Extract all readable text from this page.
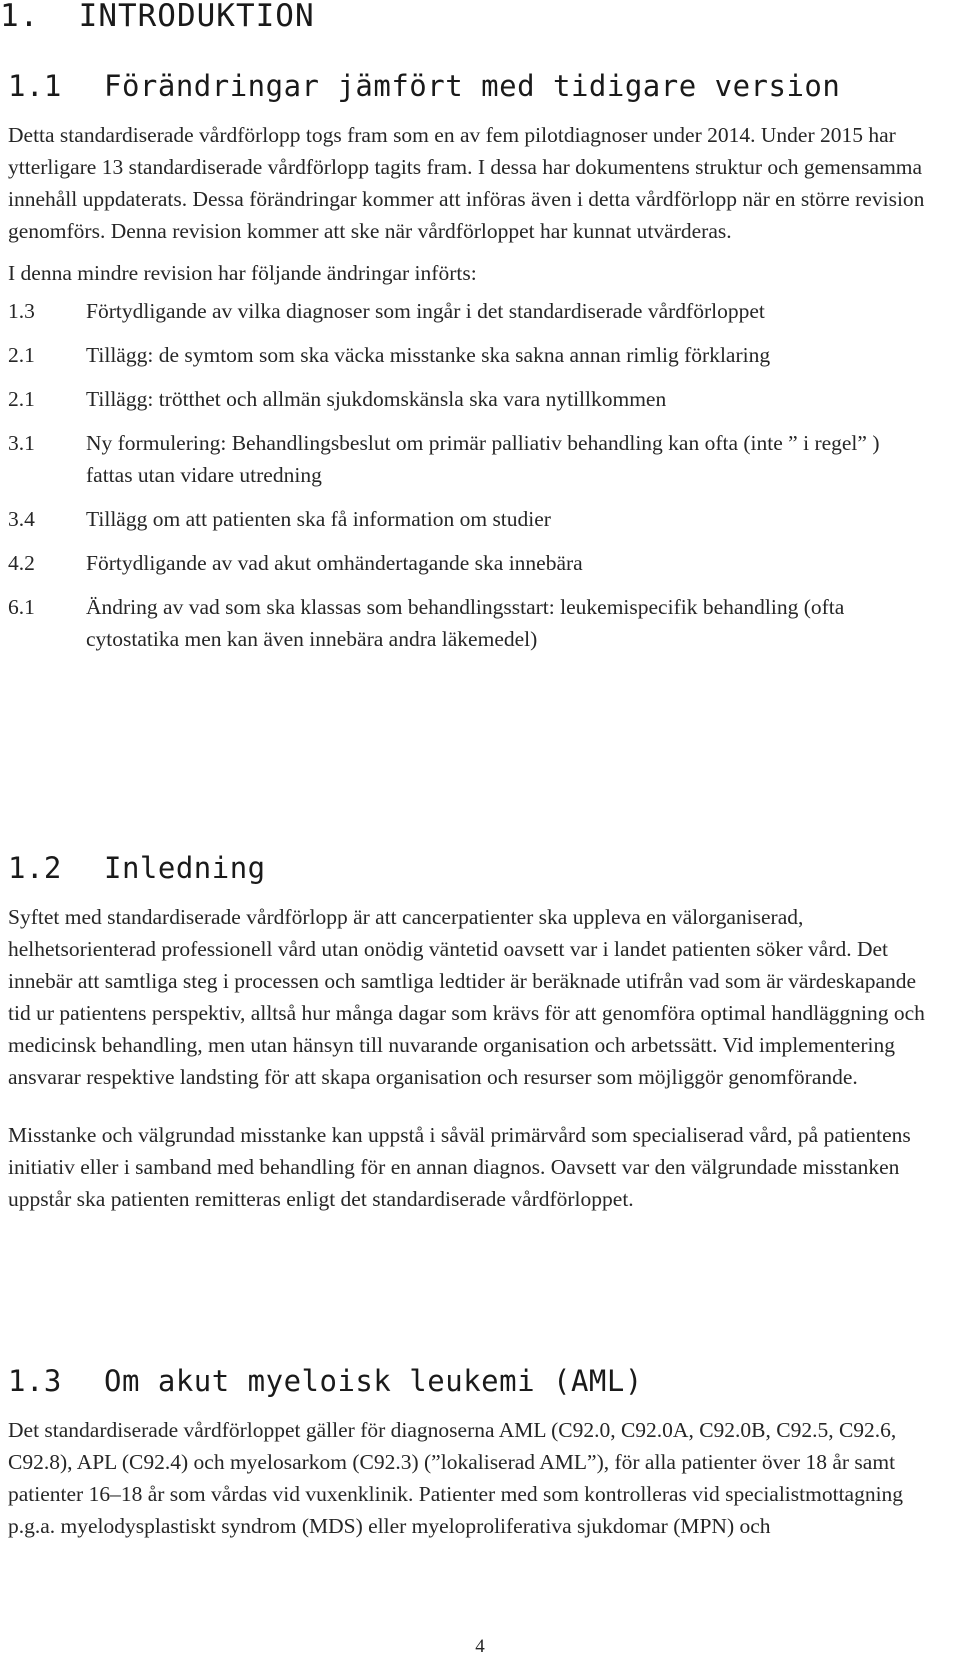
1. INTRODUKTION
1.1 Förändringar jämfört med tidigare version

Detta standardiserade vårdförlopp togs fram som en av fem pilotdiagnoser under 2014. Under 2015 har ytterligare 13 standardiserade vårdförlopp tagits fram. I dessa har dokumentens struktur och gemensamma innehåll uppdaterats. Dessa förändringar kommer att införas även i detta vårdförlopp när en större revision genomförs. Denna revision kommer att ske när vårdförloppet har kunnat utvärderas.

I denna mindre revision har följande ändringar införts:

1.3	Förtydligande av vilka diagnoser som ingår i det standardiserade vårdförloppet
2.1	Tillägg: de symtom som ska väcka misstanke ska sakna annan rimlig förklaring
2.1	Tillägg: trötthet och allmän sjukdomskänsla ska vara nytillkommen
3.1	Ny formulering: Behandlingsbeslut om primär palliativ behandling kan ofta (inte ” i regel” ) fattas utan vidare utredning
3.4	Tillägg om att patienten ska få information om studier
4.2	Förtydligande av vad akut omhändertagande ska innebära
6.1	Ändring av vad som ska klassas som behandlingsstart: leukemispecifik behandling (ofta cytostatika men kan även innebära andra läkemedel)
1.2 Inledning

Syftet med standardiserade vårdförlopp är att cancerpatienter ska uppleva en välorganiserad, helhetsorienterad professionell vård utan onödig väntetid oavsett var i landet patienten söker vård. Det innebär att samtliga steg i processen och samtliga ledtider är beräknade utifrån vad som är värdeskapande tid ur patientens perspektiv, alltså hur många dagar som krävs för att genomföra optimal handläggning och medicinsk behandling, men utan hänsyn till nuvarande organisation och arbetssätt. Vid implementering ansvarar respektive landsting för att skapa organisation och resurser som möjliggör genomförande.

Misstanke och välgrundad misstanke kan uppstå i såväl primärvård som specialiserad vård, på patientens initiativ eller i samband med behandling för en annan diagnos. Oavsett var den välgrundade misstanken uppstår ska patienten remitteras enligt det standardiserade vårdförloppet.

1.3 Om akut myeloisk leukemi (AML)

Det standardiserade vårdförloppet gäller för diagnoserna AML (C92.0, C92.0A, C92.0B, C92.5, C92.6, C92.8), APL (C92.4) och myelosarkom (C92.3) (”lokaliserad AML”), för alla patienter över 18 år samt patienter 16–18 år som vårdas vid vuxenklinik. Patienter med som kontrolleras vid specialistmottagning p.g.a. myelodysplastiskt syndrom (MDS) eller myeloproliferativa sjukdomar (MPN) och

4
